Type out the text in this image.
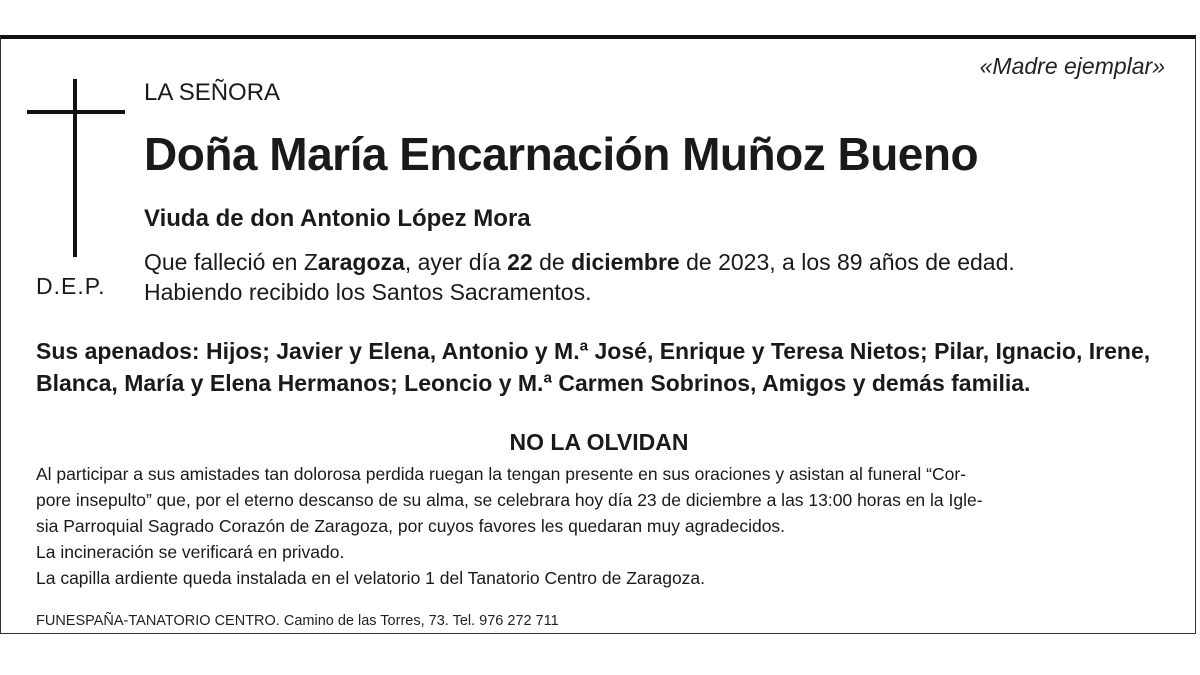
D.E.P.
«Madre ejemplar»
LA SEÑORA
Doña María Encarnación Muñoz Bueno
Viuda de don Antonio López Mora
Que falleció en Zaragoza, ayer día 22 de diciembre de 2023, a los 89 años de edad.
Habiendo recibido los Santos Sacramentos.
Sus apenados: Hijos; Javier y Elena, Antonio y M.ª José, Enrique y Teresa Nietos; Pilar, Ignacio, Irene, Blanca, María y Elena Hermanos; Leoncio y M.ª Carmen Sobrinos, Amigos y demás familia.
NO LA OLVIDAN
Al participar a sus amistades tan dolorosa perdida ruegan la tengan presente en sus oraciones y asistan al funeral “Cor-
pore insepulto” que, por el eterno descanso de su alma, se celebrara hoy día 23 de diciembre a las 13:00 horas en la Igle-
sia Parroquial Sagrado Corazón de Zaragoza, por cuyos favores les quedaran muy agradecidos.
La incineración se verificará en privado.
La capilla ardiente queda instalada en el velatorio 1 del Tanatorio Centro de Zaragoza.
FUNESPAÑA-TANATORIO CENTRO. Camino de las Torres, 73. Tel. 976 272 711
